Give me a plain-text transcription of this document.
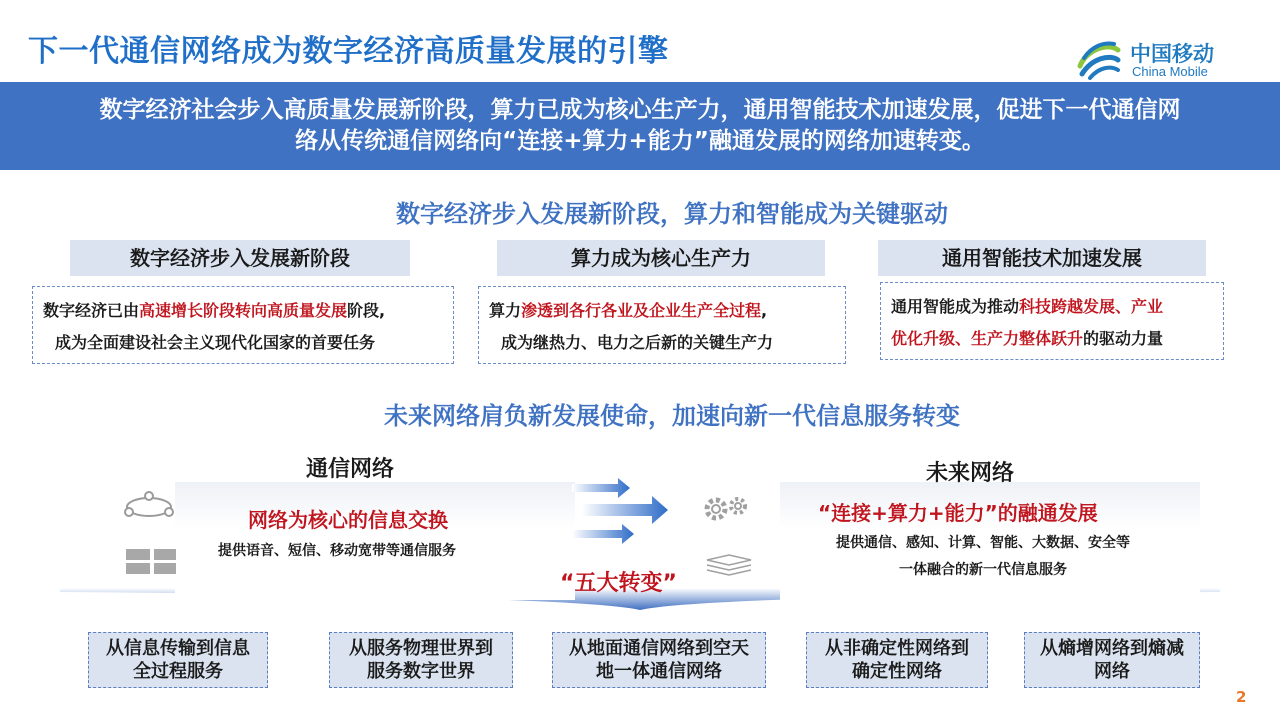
下一代通信网络成为数字经济高质量发展的引擎	中国移动
China Mobile
数字经济社会步入高质量发展新阶段，算力已成为核心生产力，通用智能技术加速发展，促进下一代通信网
络从传统通信网络向“连接+算力+能力”融通发展的网络加速转变。
数字经济步入发展新阶段，算力和智能成为关键驱动
数字经济步入发展新阶段	算力成为核心生产力	通用智能技术加速发展
数字经济已由高速增长阶段转向高质量发展阶段,
成为全面建设社会主义现代化国家的首要任务
算力渗透到各行各业及企业生产全过程,
成为继热力、电力之后新的关键生产力
通用智能成为推动科技跨越发展、产业
优化升级、生产力整体跃升的驱动力量
未来网络肩负新发展使命，加速向新一代信息服务转变
通信网络	未来网络
网络为核心的信息交换	“连接+算力+能力”的融通发展
提供语音、短信、移动宽带等通信服务	提供通信、感知、计算、智能、大数据、安全等
一体融合的新一代信息服务
“五大转变”
从信息传输到信息
全过程服务
从服务物理世界到
服务数字世界
从地面通信网络到空天
地一体通信网络
从非确定性网络到
确定性网络
从熵增网络到熵减
网络
2
